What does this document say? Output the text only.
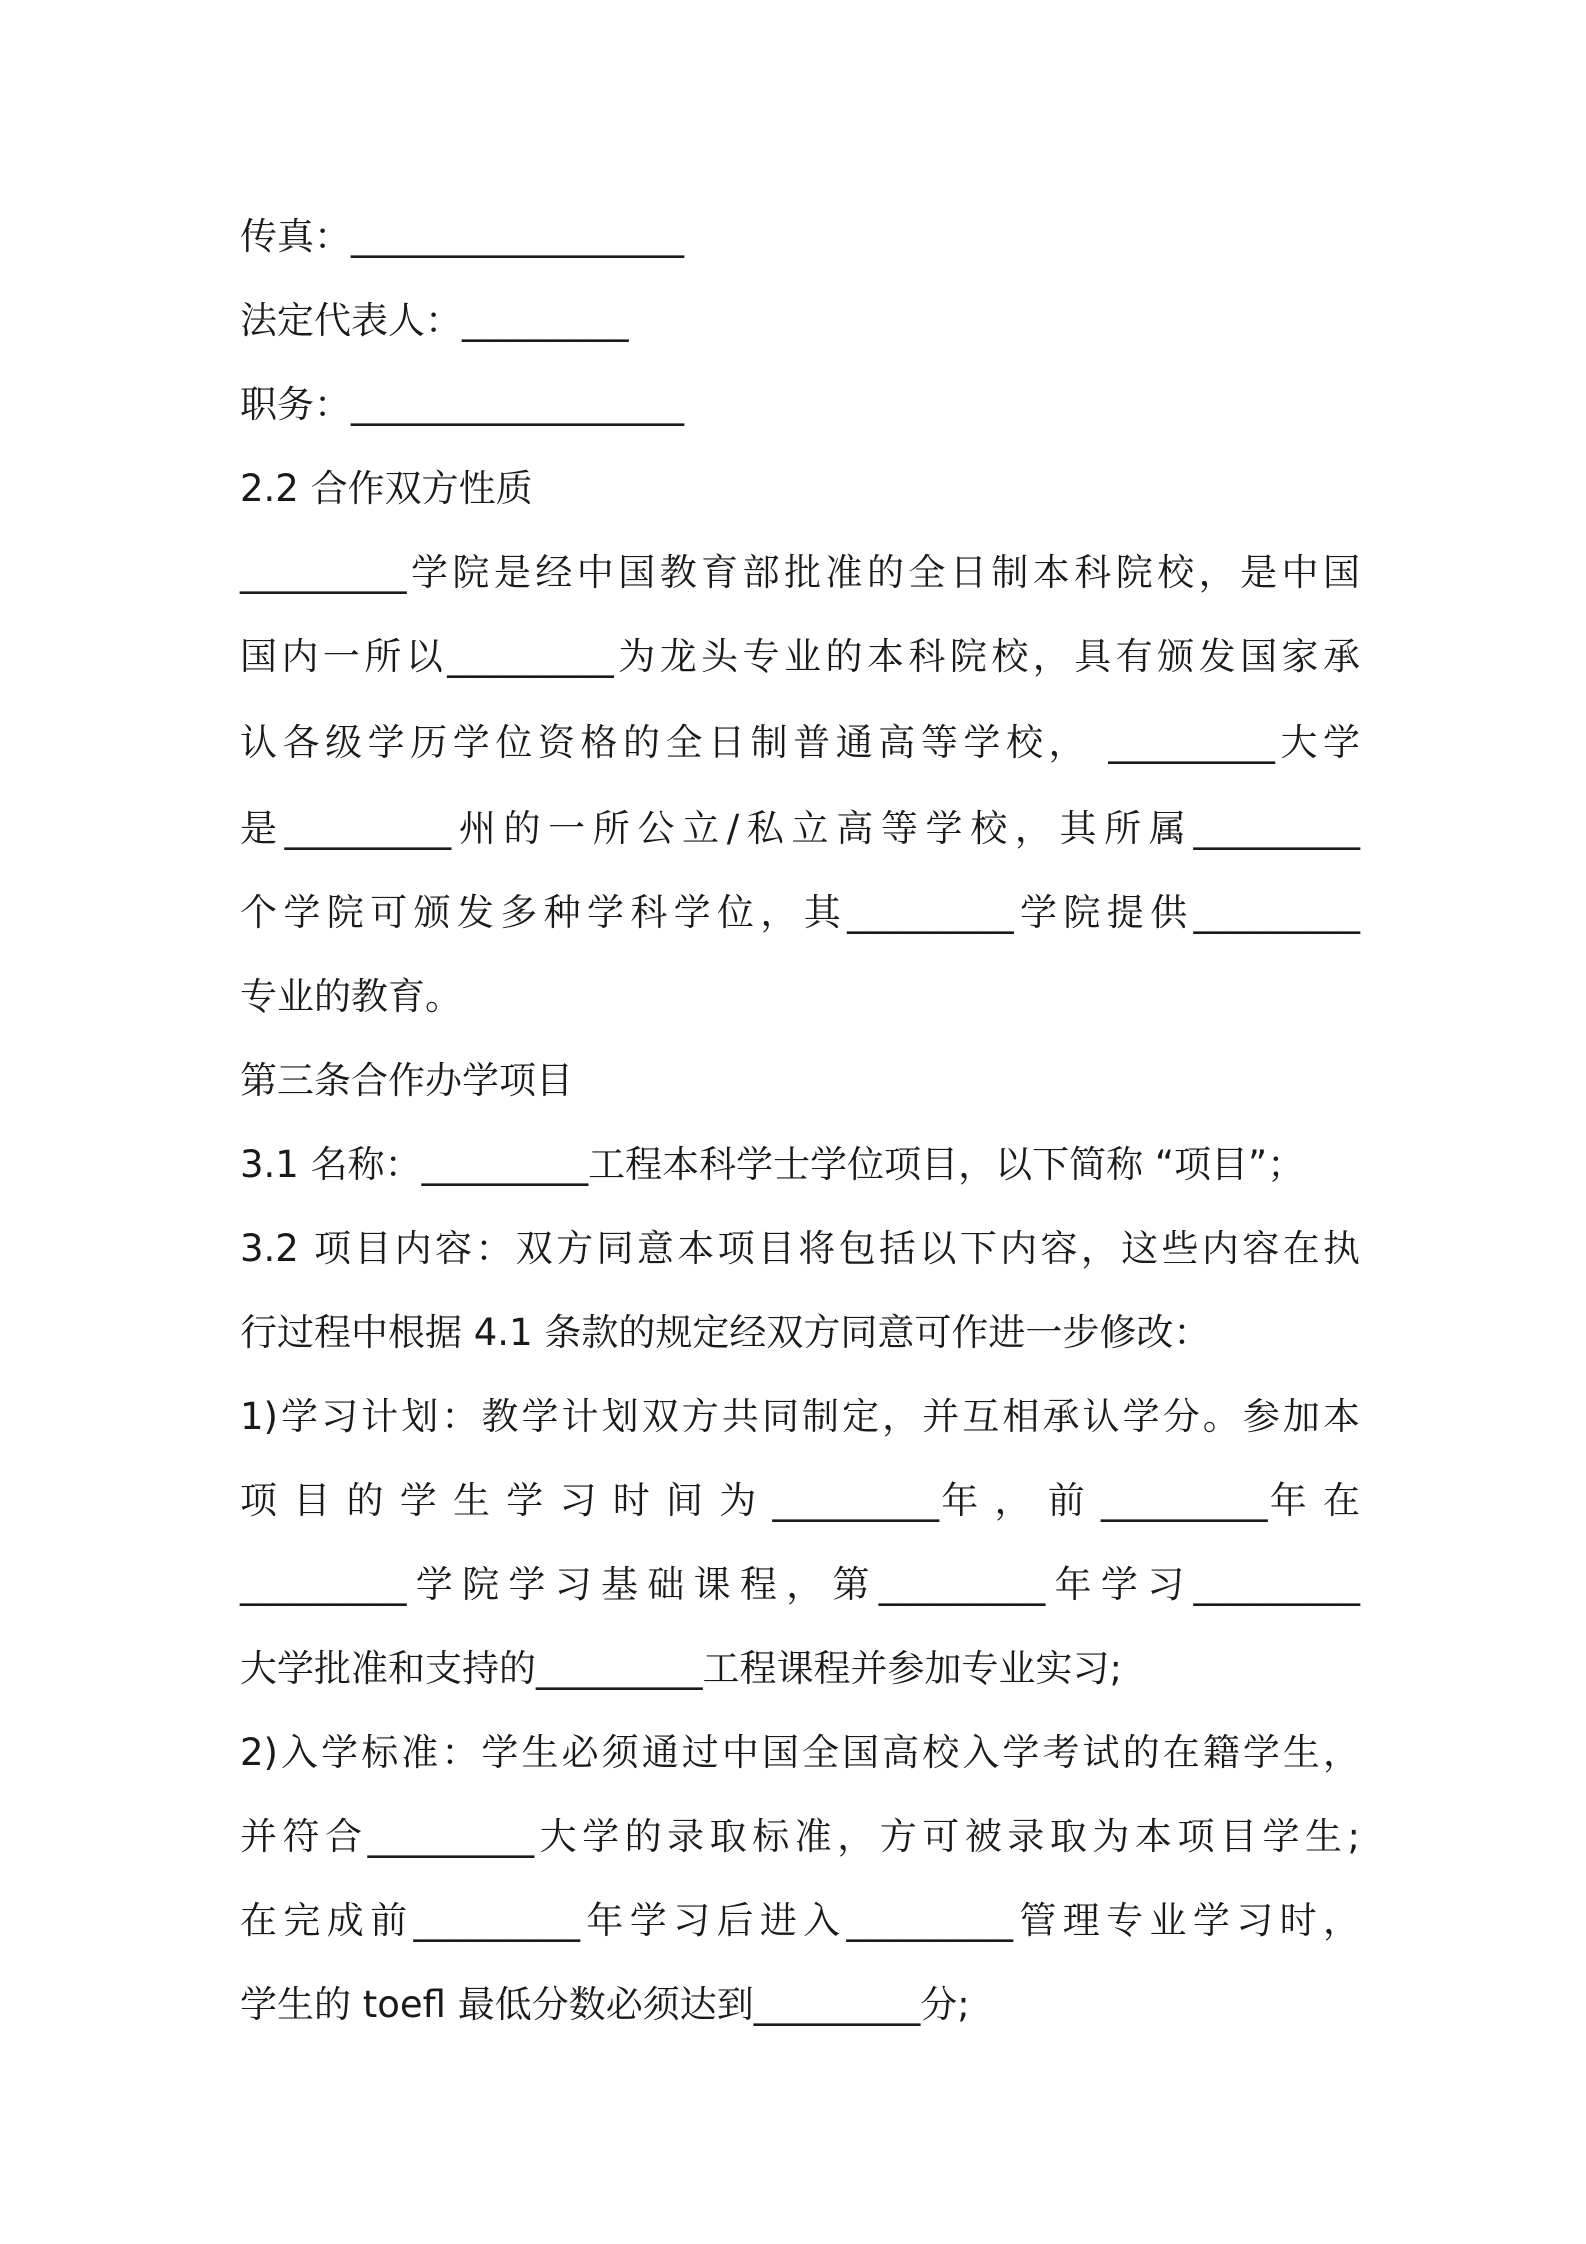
传真：__________________

法定代表人：_________

职务：__________________

2.2 合作双方性质

_________学院是经中国教育部批准的全日制本科院校，是中国

国内一所以_________为龙头专业的本科院校，具有颁发国家承

认各级学历学位资格的全日制普通高等学校， _________大学

是_________州的一所公立/私立高等学校，其所属_________

个学院可颁发多种学科学位，其_________学院提供_________

专业的教育。

第三条合作办学项目

3.1 名称：_________工程本科学士学位项目，以下简称 “项目”；

3.2 项目内容：双方同意本项目将包括以下内容，这些内容在执

行过程中根据 4.1 条款的规定经双方同意可作进一步修改：

1)学习计划：教学计划双方共同制定，并互相承认学分。参加本

项 目 的 学 生 学 习 时 间 为 _________年 ， 前 _________年 在

_________学院学习基础课程，第_________年学习_________

大学批准和支持的_________工程课程并参加专业实习;

2)入学标准：学生必须通过中国全国高校入学考试的在籍学生，

并符合_________大学的录取标准，方可被录取为本项目学生;

在完成前_________年学习后进入_________管理专业学习时，

学生的 toefl 最低分数必须达到_________分;
